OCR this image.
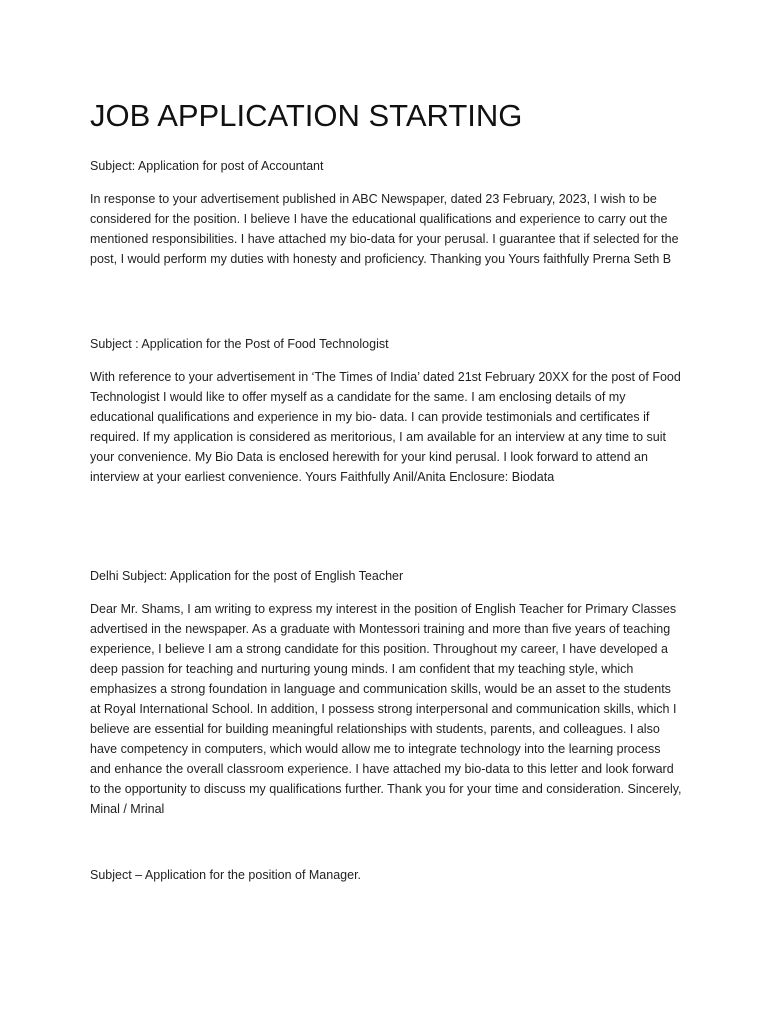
JOB APPLICATION STARTING

Subject: Application for post of Accountant

In response to your advertisement published in ABC Newspaper, dated 23 February, 2023, I wish to be considered for the position. I believe I have the educational qualifications and experience to carry out the mentioned responsibilities. I have attached my bio-data for your perusal. I guarantee that if selected for the post, I would perform my duties with honesty and proficiency. Thanking you Yours faithfully Prerna Seth B

Subject : Application for the Post of Food Technologist

With reference to your advertisement in ‘The Times of India’ dated 21st February 20XX for the post of Food Technologist I would like to offer myself as a candidate for the same. I am enclosing details of my educational qualifications and experience in my bio- data. I can provide testimonials and certificates if required. If my application is considered as meritorious, I am available for an interview at any time to suit your convenience. My Bio Data is enclosed herewith for your kind perusal. I look forward to attend an interview at your earliest convenience. Yours Faithfully Anil/Anita Enclosure: Biodata

Delhi Subject: Application for the post of English Teacher

Dear Mr. Shams, I am writing to express my interest in the position of English Teacher for Primary Classes advertised in the newspaper. As a graduate with Montessori training and more than five years of teaching experience, I believe I am a strong candidate for this position. Throughout my career, I have developed a deep passion for teaching and nurturing young minds. I am confident that my teaching style, which emphasizes a strong foundation in language and communication skills, would be an asset to the students at Royal International School. In addition, I possess strong interpersonal and communication skills, which I believe are essential for building meaningful relationships with students, parents, and colleagues. I also have competency in computers, which would allow me to integrate technology into the learning process and enhance the overall classroom experience. I have attached my bio-data to this letter and look forward to the opportunity to discuss my qualifications further. Thank you for your time and consideration. Sincerely, Minal / Mrinal

Subject – Application for the position of Manager.
